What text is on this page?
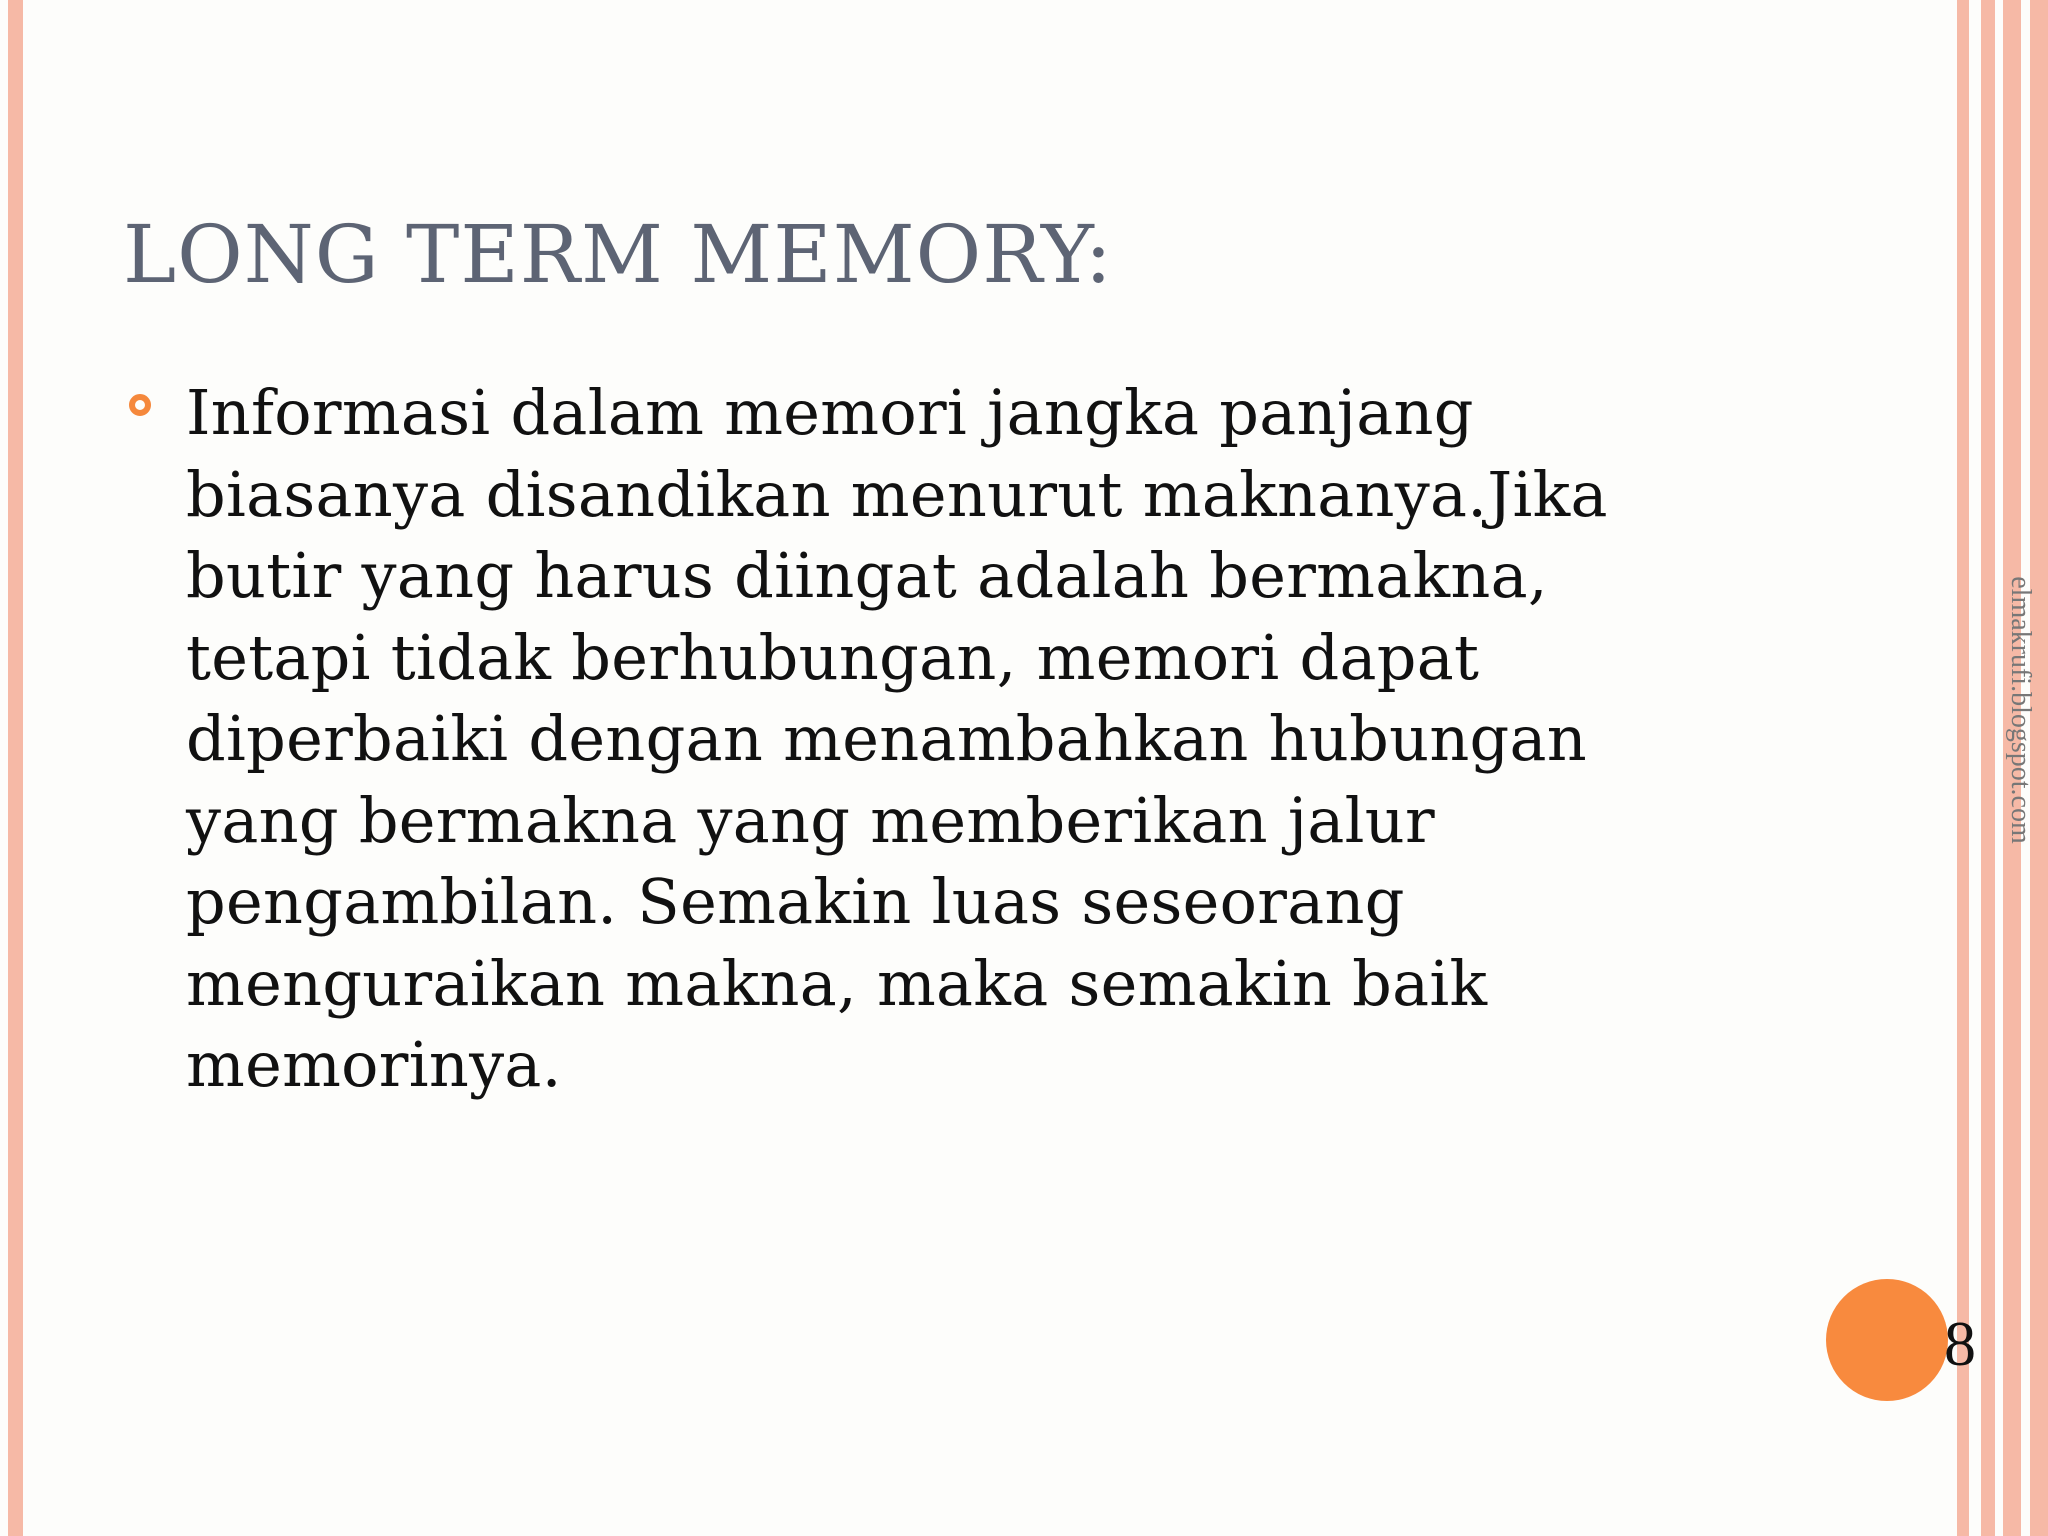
LONG TERM MEMORY:

Informasi dalam memori jangka panjang biasanya disandikan menurut maknanya.Jika butir yang harus diingat adalah bermakna, tetapi tidak berhubungan, memori dapat diperbaiki dengan menambahkan hubungan yang bermakna yang memberikan jalur pengambilan. Semakin luas seseorang menguraikan makna, maka semakin baik memorinya.

elmakrufi.blogspot.com
8
